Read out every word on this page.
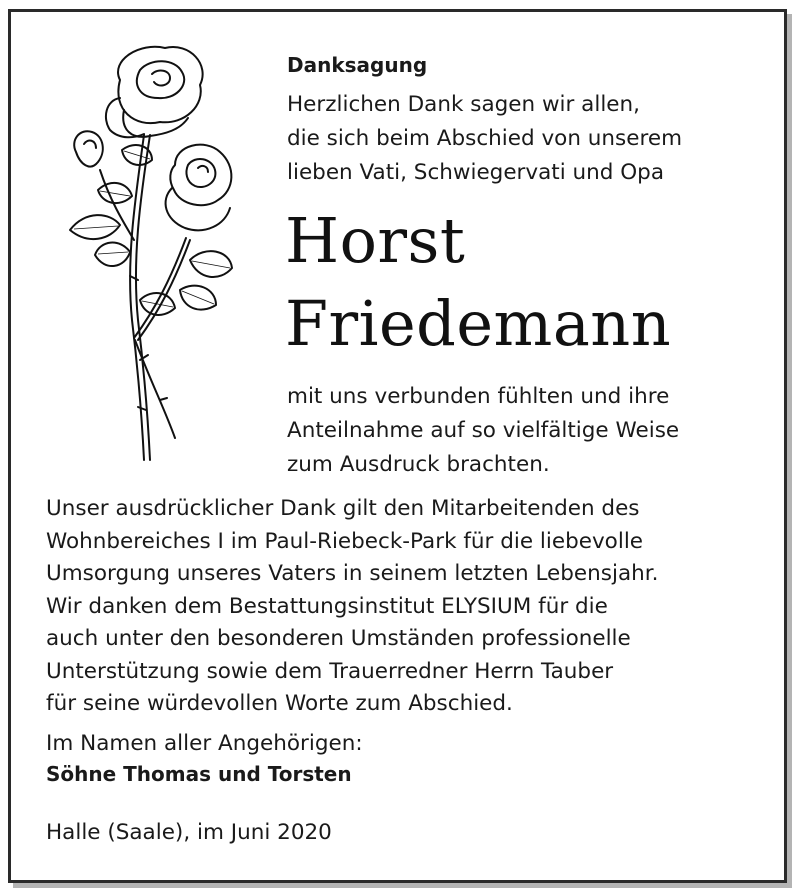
Danksagung
Herzlichen Dank sagen wir allen,
die sich beim Abschied von unserem
lieben Vati, Schwiegervati und Opa
Horst
Friedemann
mit uns verbunden fühlten und ihre
Anteilnahme auf so vielfältige Weise
zum Ausdruck brachten.
Unser ausdrücklicher Dank gilt den Mitarbeitenden des
Wohnbereiches I im Paul-Riebeck-Park für die liebevolle
Umsorgung unseres Vaters in seinem letzten Lebensjahr.
Wir danken dem Bestattungsinstitut ELYSIUM für die
auch unter den besonderen Umständen professionelle
Unterstützung sowie dem Trauerredner Herrn Tauber
für seine würdevollen Worte zum Abschied.
Im Namen aller Angehörigen:
Söhne Thomas und Torsten
Halle (Saale), im Juni 2020
